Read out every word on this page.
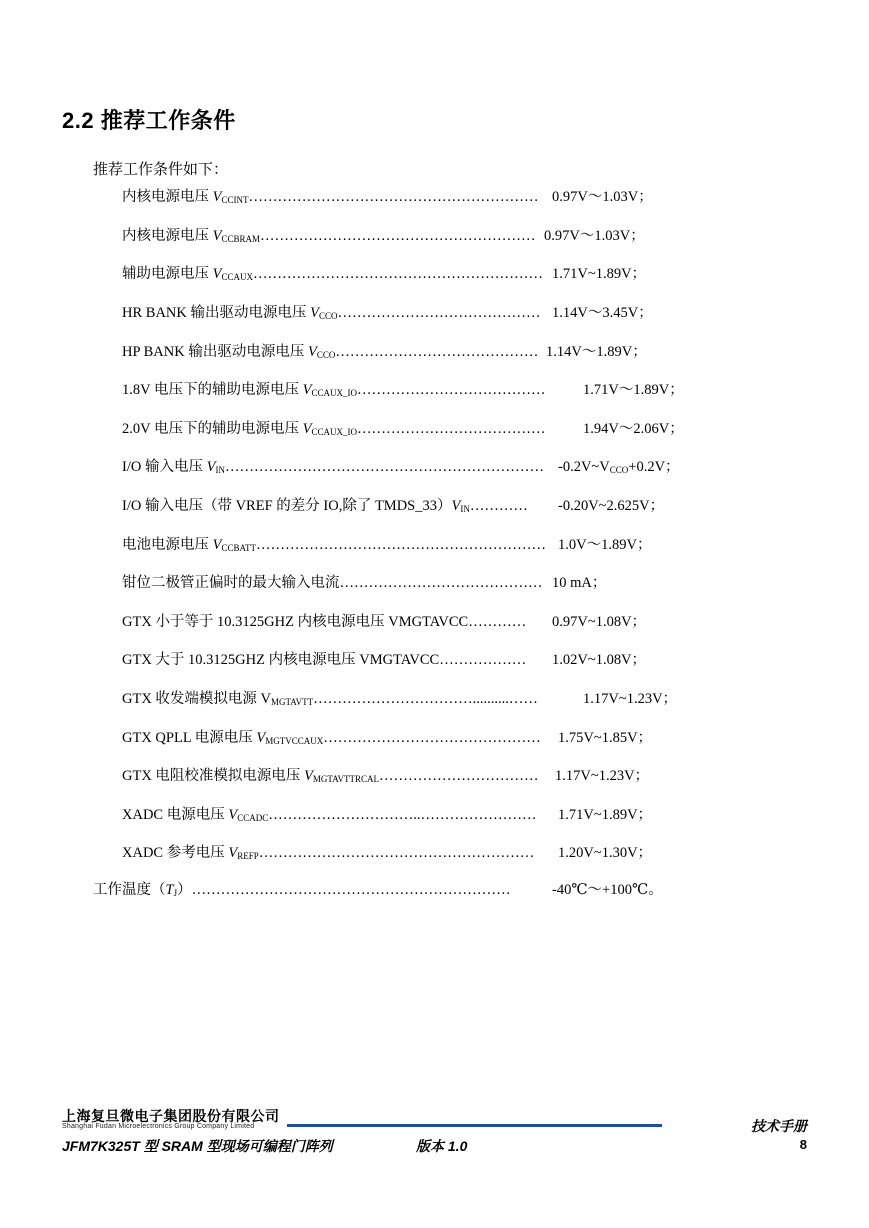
2.2 推荐工作条件
推荐工作条件如下：
内核电源电压 $V_{CCINT}\dots\dots\dots\dots\dots\dots\dots\dots\dots\dots\dots\dots\dots\dots\dots\dots\dots\dots\dots\dots$ 0.97V～1.03V；
内核电源电压 $V_{CCBRAM}\dots\dots\dots\dots\dots\dots\dots\dots\dots\dots\dots\dots\dots\dots\dots\dots\dots\dots\dots$ 0.97V～1.03V；
辅助电源电压 $V_{CCAUX}\dots\dots\dots\dots\dots\dots\dots\dots\dots\dots\dots\dots\dots\dots\dots\dots\dots\dots\dots\dots$ 1.71V~1.89V；
HR BANK 输出驱动电源电压 $V_{CCO}\dots\dots\dots\dots\dots\dots\dots\dots\dots\dots\dots\dots\dots\dots$ 1.14V～3.45V；
HP BANK 输出驱动电源电压 $V_{CCO}\dots\dots\dots\dots\dots\dots\dots\dots\dots\dots\dots\dots\dots\dots$ 1.14V～1.89V；
1.8V 电压下的辅助电源电压 $V_{CCAUX\_IO}\dots\dots\dots\dots\dots\dots\dots\dots\dots\dots\dots\dots\dots$	1.71V～1.89V；
2.0V 电压下的辅助电源电压 $V_{CCAUX\_IO}\dots\dots\dots\dots\dots\dots\dots\dots\dots\dots\dots\dots\dots$	1.94V～2.06V；
I/O 输入电压 $V_{IN}\dots\dots\dots\dots\dots\dots\dots\dots\dots\dots\dots\dots\dots\dots\dots\dots\dots\dots\dots\dots\dots\dots$ $-0.2V\sim V_{CCO}+0.2V$；
I/O 输入电压（带 VREF 的差分 IO,除了 $TMDS\_33)V_{IN}\dots\dots\dots\dots$ -0.20V~2.625V；
电池电源电压 $V_{CCBATT}\dots\dots\dots\dots\dots\dots\dots\dots\dots\dots\dots\dots\dots\dots\dots\dots\dots\dots\dots\dots$ 1.0V～1.89V；
钳位二极管正偏时的最大输入电流…………………………………… 10 mA；
GTX 小于等于 10.3125GHZ 内核电源电压 VMGTAVCC………… 0.97V~1.08V；
GTX 大于 10.3125GHZ 内核电源电压 VMGTAVCC……………… 1.02V~1.08V；
GTX 收发端模拟电源 $V_{MGTAVTT}\dots\dots\dots\dots\dots\dots\dots\dots\dots\dots\dots..........\dots\dots$	1.17V~1.23V；
GTX QPLL 电源电压 $V_{MGTVCCAUX}\dots\dots\dots\dots\dots\dots\dots\dots\dots\dots\dots\dots\dots\dots\dots$ 1.75V~1.85V；
GTX 电阻校准模拟电源电压 $V_{MGTAVTTRCAL}\dots\dots\dots\dots\dots\dots\dots\dots\dots\dots\dots$ 1.17V~1.23V；
XADC 电源电压 $V_{CCADC}\dots\dots\dots\dots\dots\dots\dots\dots\dots\dots..\dots\dots\dots\dots\dots\dots\dots\dots$ 1.71V~1.89V；
XADC 参考电压 $V_{REFP}\dots\dots\dots\dots\dots\dots\dots\dots\dots\dots\dots\dots\dots\dots\dots\dots\dots\dots\dots$ 1.20V~1.30V；
工作温度$(T_J)\dots\dots\dots\dots\dots\dots\dots\dots\dots\dots\dots\dots\dots\dots\dots\dots\dots\dots\dots\dots\dots\dots$	-40℃～+100℃。
上海复旦微电子集团股份有限公司
Shanghai Fudan Microelectronics Group Company Limited
JFM7K325T 型 SRAM 型现场可编程门阵列	版本 1.0
技术手册
8
